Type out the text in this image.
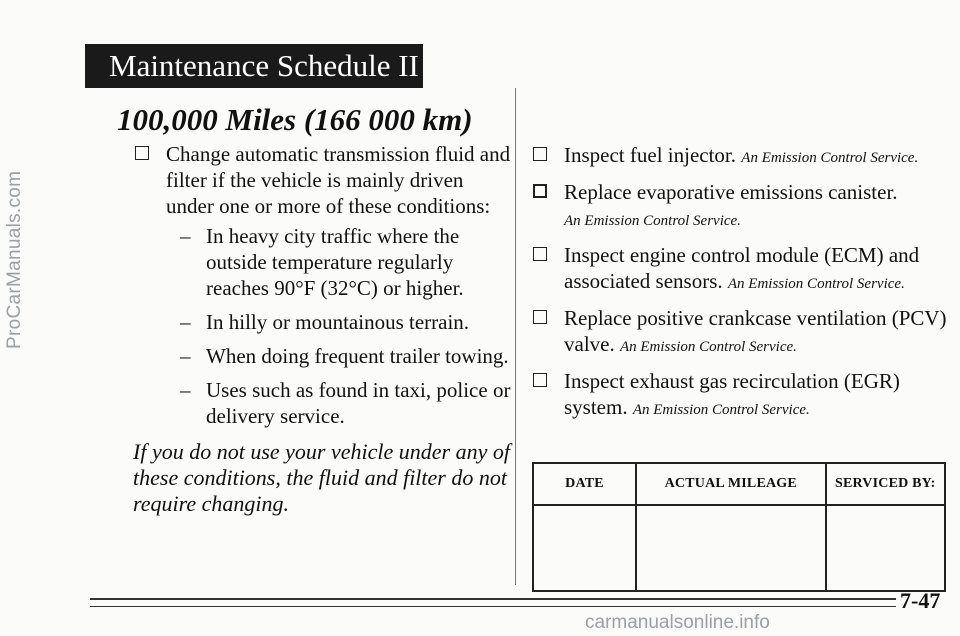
ProCarManuals.com
Maintenance Schedule II
100,000 Miles (166 000 km)
Change automatic transmission fluid and filter if the vehicle is mainly driven under one or more of these conditions:
– In heavy city traffic where the outside temperature regularly reaches 90°F (32°C) or higher.
– In hilly or mountainous terrain.
– When doing frequent trailer towing.
– Uses such as found in taxi, police or delivery service.
If you do not use your vehicle under any of these conditions, the fluid and filter do not require changing.
Inspect fuel injector. An Emission Control Service.
Replace evaporative emissions canister.
An Emission Control Service.
Inspect engine control module (ECM) and associated sensors. An Emission Control Service.
Replace positive crankcase ventilation (PCV) valve. An Emission Control Service.
Inspect exhaust gas recirculation (EGR) system. An Emission Control Service.
DATE	ACTUAL MILEAGE	SERVICED BY:

7-47
carmanualsonline.info
